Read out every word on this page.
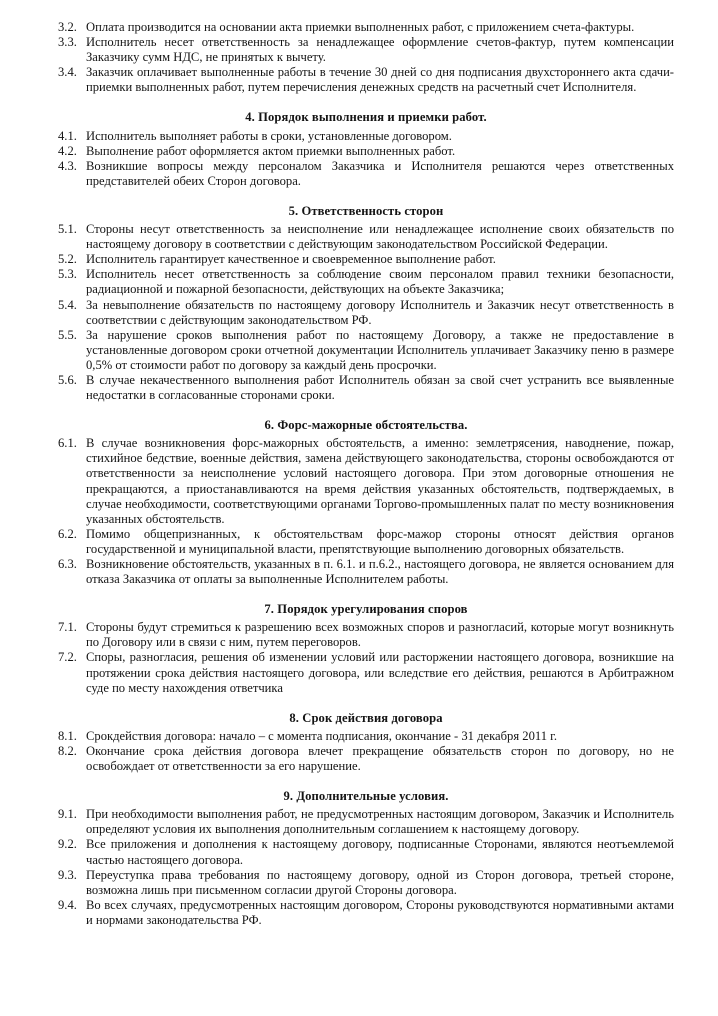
3.2. Оплата производится на основании акта приемки выполненных работ, с приложением счета-фактуры.
3.3. Исполнитель несет ответственность за ненадлежащее оформление счетов-фактур, путем компенсации Заказчику сумм НДС, не принятых к вычету.
3.4. Заказчик оплачивает выполненные работы в течение 30 дней со дня подписания двухстороннего акта сдачи-приемки выполненных работ, путем перечисления денежных средств на расчетный счет Исполнителя.
4. Порядок выполнения и приемки работ.
4.1. Исполнитель выполняет работы в сроки, установленные договором.
4.2. Выполнение работ оформляется актом приемки выполненных работ.
4.3. Возникшие вопросы между персоналом Заказчика и Исполнителя решаются через ответственных представителей обеих Сторон договора.
5. Ответственность сторон
5.1. Стороны несут ответственность за неисполнение или ненадлежащее исполнение своих обязательств по настоящему договору в соответствии с действующим законодательством Российской Федерации.
5.2. Исполнитель гарантирует качественное и своевременное выполнение работ.
5.3. Исполнитель несет ответственность за соблюдение своим персоналом правил техники безопасности, радиационной и пожарной безопасности, действующих на объекте Заказчика;
5.4. За невыполнение обязательств по настоящему договору Исполнитель и Заказчик несут ответственность в соответствии с действующим законодательством РФ.
5.5. За нарушение сроков выполнения работ по настоящему Договору, а также не предоставление в установленные договором сроки отчетной документации Исполнитель уплачивает Заказчику пеню в размере 0,5% от стоимости работ по договору за каждый день просрочки.
5.6. В случае некачественного выполнения работ Исполнитель обязан за свой счет устранить все выявленные недостатки в согласованные сторонами сроки.
6. Форс-мажорные обстоятельства.
6.1. В случае возникновения форс-мажорных обстоятельств, а именно: землетрясения, наводнение, пожар, стихийное бедствие, военные действия, замена действующего законодательства, стороны освобождаются от ответственности за неисполнение условий настоящего договора. При этом договорные отношения не прекращаются, а приостанавливаются на время действия указанных обстоятельств, подтверждаемых, в случае необходимости, соответствующими органами Торгово-промышленных палат по месту возникновения указанных обстоятельств.
6.2. Помимо общепризнанных, к обстоятельствам форс-мажор стороны относят действия органов государственной и муниципальной власти, препятствующие выполнению договорных обязательств.
6.3. Возникновение обстоятельств, указанных в п. 6.1. и п.6.2., настоящего договора, не является основанием для отказа Заказчика от оплаты за выполненные Исполнителем работы.
7. Порядок урегулирования споров
7.1. Стороны будут стремиться к разрешению всех возможных споров и разногласий, которые могут возникнуть по Договору или в связи с ним, путем переговоров.
7.2. Споры, разногласия, решения об изменении условий или расторжении настоящего договора, возникшие на протяжении срока действия настоящего договора, или вследствие его действия, решаются в Арбитражном суде по месту нахождения ответчика
8. Срок действия договора
8.1. Срокдействия договора: начало – с момента подписания, окончание - 31 декабря 2011 г.
8.2. Окончание срока действия договора влечет прекращение обязательств сторон по договору, но не освобождает от ответственности за его нарушение.
9. Дополнительные условия.
9.1. При необходимости выполнения работ, не предусмотренных настоящим договором, Заказчик и Исполнитель определяют условия их выполнения дополнительным соглашением к настоящему договору.
9.2. Все приложения и дополнения к настоящему договору, подписанные Сторонами, являются неотъемлемой частью настоящего договора.
9.3. Переуступка права требования по настоящему договору, одной из Сторон договора, третьей стороне, возможна лишь при письменном согласии другой Стороны договора.
9.4. Во всех случаях, предусмотренных настоящим договором, Стороны руководствуются нормативными актами и нормами законодательства РФ.
